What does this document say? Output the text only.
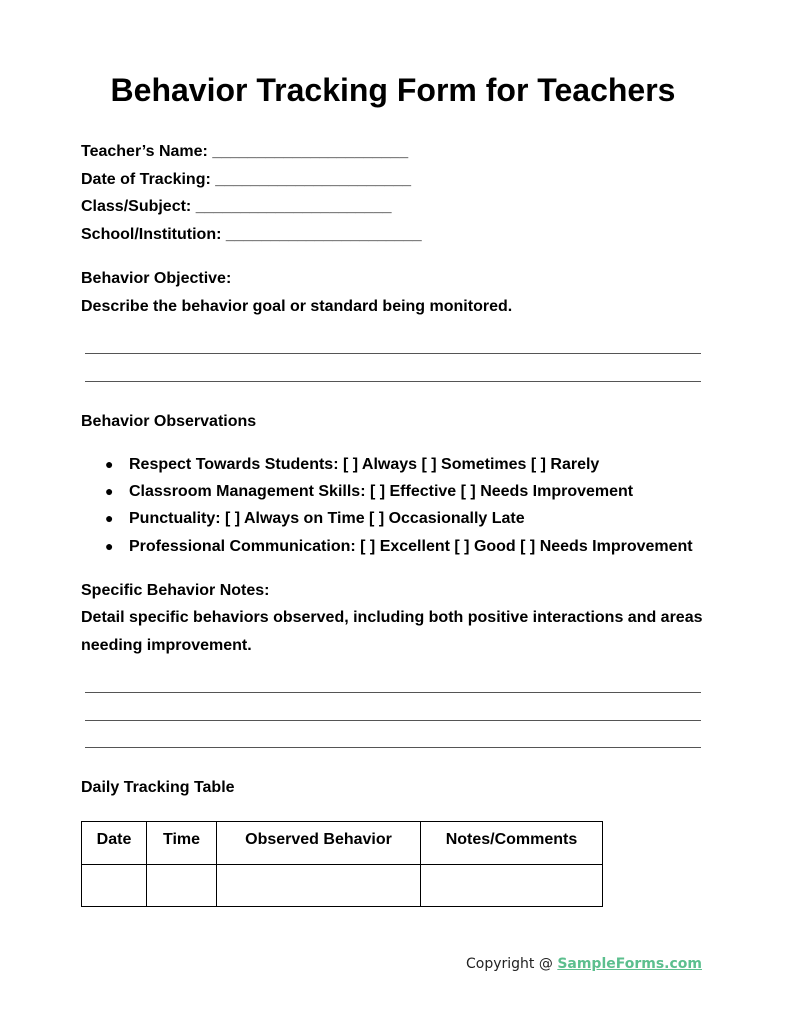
Behavior Tracking Form for Teachers
Teacher’s Name: ______________________
Date of Tracking: ______________________
Class/Subject: ______________________
School/Institution: ______________________
Behavior Objective:
Describe the behavior goal or standard being monitored.
Behavior Observations
● Respect Towards Students: [ ] Always [ ] Sometimes [ ] Rarely
● Classroom Management Skills: [ ] Effective [ ] Needs Improvement
● Punctuality: [ ] Always on Time [ ] Occasionally Late
● Professional Communication: [ ] Excellent [ ] Good [ ] Needs Improvement
Specific Behavior Notes:
Detail specific behaviors observed, including both positive interactions and areas
needing improvement.
Daily Tracking Table
Date	Time	Observed Behavior	Notes/Comments

Copyright @ SampleForms.com
